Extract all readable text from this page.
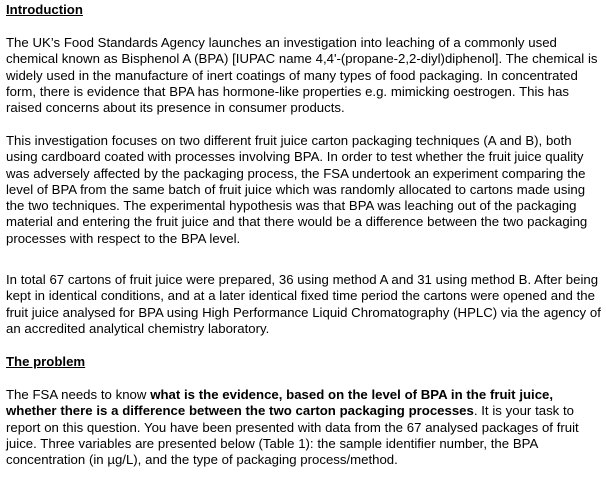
Introduction

The UK’s Food Standards Agency launches an investigation into leaching of a commonly used chemical known as Bisphenol A (BPA) [IUPAC name 4,4'-(propane-2,2-diyl)diphenol]. The chemical is widely used in the manufacture of inert coatings of many types of food packaging. In concentrated form, there is evidence that BPA has hormone-like properties e.g. mimicking oestrogen. This has raised concerns about its presence in consumer products.

This investigation focuses on two different fruit juice carton packaging techniques (A and B), both using cardboard coated with processes involving BPA. In order to test whether the fruit juice quality was adversely affected by the packaging process, the FSA undertook an experiment comparing the level of BPA from the same batch of fruit juice which was randomly allocated to cartons made using the two techniques. The experimental hypothesis was that BPA was leaching out of the packaging material and entering the fruit juice and that there would be a difference between the two packaging processes with respect to the BPA level.

In total 67 cartons of fruit juice were prepared, 36 using method A and 31 using method B. After being kept in identical conditions, and at a later identical fixed time period the cartons were opened and the fruit juice analysed for BPA using High Performance Liquid Chromatography (HPLC) via the agency of an accredited analytical chemistry laboratory.

The problem

The FSA needs to know what is the evidence, based on the level of BPA in the fruit juice, whether there is a difference between the two carton packaging processes. It is your task to report on this question. You have been presented with data from the 67 analysed packages of fruit juice. Three variables are presented below (Table 1): the sample identifier number, the BPA concentration (in µg/L), and the type of packaging process/method.
